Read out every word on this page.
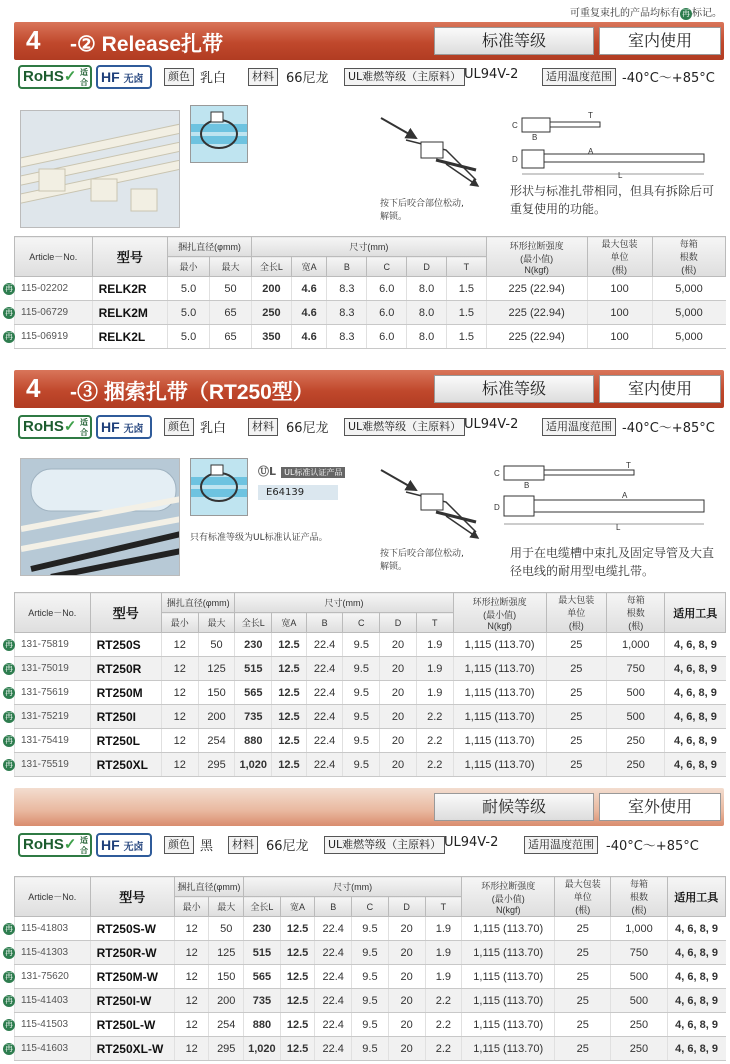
可重复束扎的产品均标有 再 标记。
4 -② Release扎带	标准等级	室内使用
RoHS✓ 适合 HF 无卤	颜色 乳白	材料 66尼龙	UL难燃等级（主原料） UL94V-2	适用温度范围 -40°C～+85°C
按下后咬合部位松动,
解锁。
C
B
T
D
A
L
形状与标准扎带相同，但具有拆除后可重复使用的功能。
Article－No.	型号	捆扎直径(φmm)		尺寸(mm)						环形拉断强度
(最小值)
N(kgf)	最大包装
单位
(根)	每箱
根数
(根)
		最小	最大	全长L	宽A	B	C	D	T			

再 115-02202	RELK2R	5.0	50	200	4.6	8.3	6.0	8.0	1.5	225 (22.94)	100	5,000

再 115-06729	RELK2M	5.0	65	250	4.6	8.3	6.0	8.0	1.5	225 (22.94)	100	5,000

再 115-06919	RELK2L	5.0	65	350	4.6	8.3	6.0	8.0	1.5	225 (22.94)	100	5,000
4 -③ 捆索扎带（RT250型）	标准等级	室内使用
RoHS✓ 适合 HF 无卤	颜色 乳白	材料 66尼龙	UL难燃等级（主原料） UL94V-2	适用温度范围 -40°C～+85°C
ⓊL UL标准认证产品
E64139
只有标准等级为UL标准认证产品。
按下后咬合部位松动,
解锁。
C
B
T
D
A
L
用于在电缆槽中束扎及固定导管及大直径电线的耐用型电缆扎带。
Article－No.	型号	捆扎直径(φmm)		尺寸(mm)						环形拉断强度
(最小值)
N(kgf)	最大包装
单位
(根)	每箱
根数
(根)	适用工具
		最小	最大	全长L	宽A	B	C	D	T				

再 131-75819	RT250S	12	50	230	12.5	22.4	9.5	20	1.9	1,115 (113.70)	25	1,000	4, 6, 8, 9

再 131-75019	RT250R	12	125	515	12.5	22.4	9.5	20	1.9	1,115 (113.70)	25	750	4, 6, 8, 9

再 131-75619	RT250M	12	150	565	12.5	22.4	9.5	20	1.9	1,115 (113.70)	25	500	4, 6, 8, 9

再 131-75219	RT250I	12	200	735	12.5	22.4	9.5	20	2.2	1,115 (113.70)	25	500	4, 6, 8, 9

再 131-75419	RT250L	12	254	880	12.5	22.4	9.5	20	2.2	1,115 (113.70)	25	250	4, 6, 8, 9

再 131-75519	RT250XL	12	295	1,020	12.5	22.4	9.5	20	2.2	1,115 (113.70)	25	250	4, 6, 8, 9
耐候等级	室外使用
RoHS✓ 适合 HF 无卤	颜色 黑	材料 66尼龙	UL难燃等级（主原料） UL94V-2	适用温度范围 -40°C～+85°C
Article－No.	型号	捆扎直径(φmm)		尺寸(mm)						环形拉断强度
(最小值)
N(kgf)	最大包装
单位
(根)	每箱
根数
(根)	适用工具
		最小	最大	全长L	宽A	B	C	D	T				

再 115-41803	RT250S-W	12	50	230	12.5	22.4	9.5	20	1.9	1,115 (113.70)	25	1,000	4, 6, 8, 9

再 115-41303	RT250R-W	12	125	515	12.5	22.4	9.5	20	1.9	1,115 (113.70)	25	750	4, 6, 8, 9

再 131-75620	RT250M-W	12	150	565	12.5	22.4	9.5	20	1.9	1,115 (113.70)	25	500	4, 6, 8, 9

再 115-41403	RT250I-W	12	200	735	12.5	22.4	9.5	20	2.2	1,115 (113.70)	25	500	4, 6, 8, 9

再 115-41503	RT250L-W	12	254	880	12.5	22.4	9.5	20	2.2	1,115 (113.70)	25	250	4, 6, 8, 9

再 115-41603	RT250XL-W	12	295	1,020	12.5	22.4	9.5	20	2.2	1,115 (113.70)	25	250	4, 6, 8, 9
